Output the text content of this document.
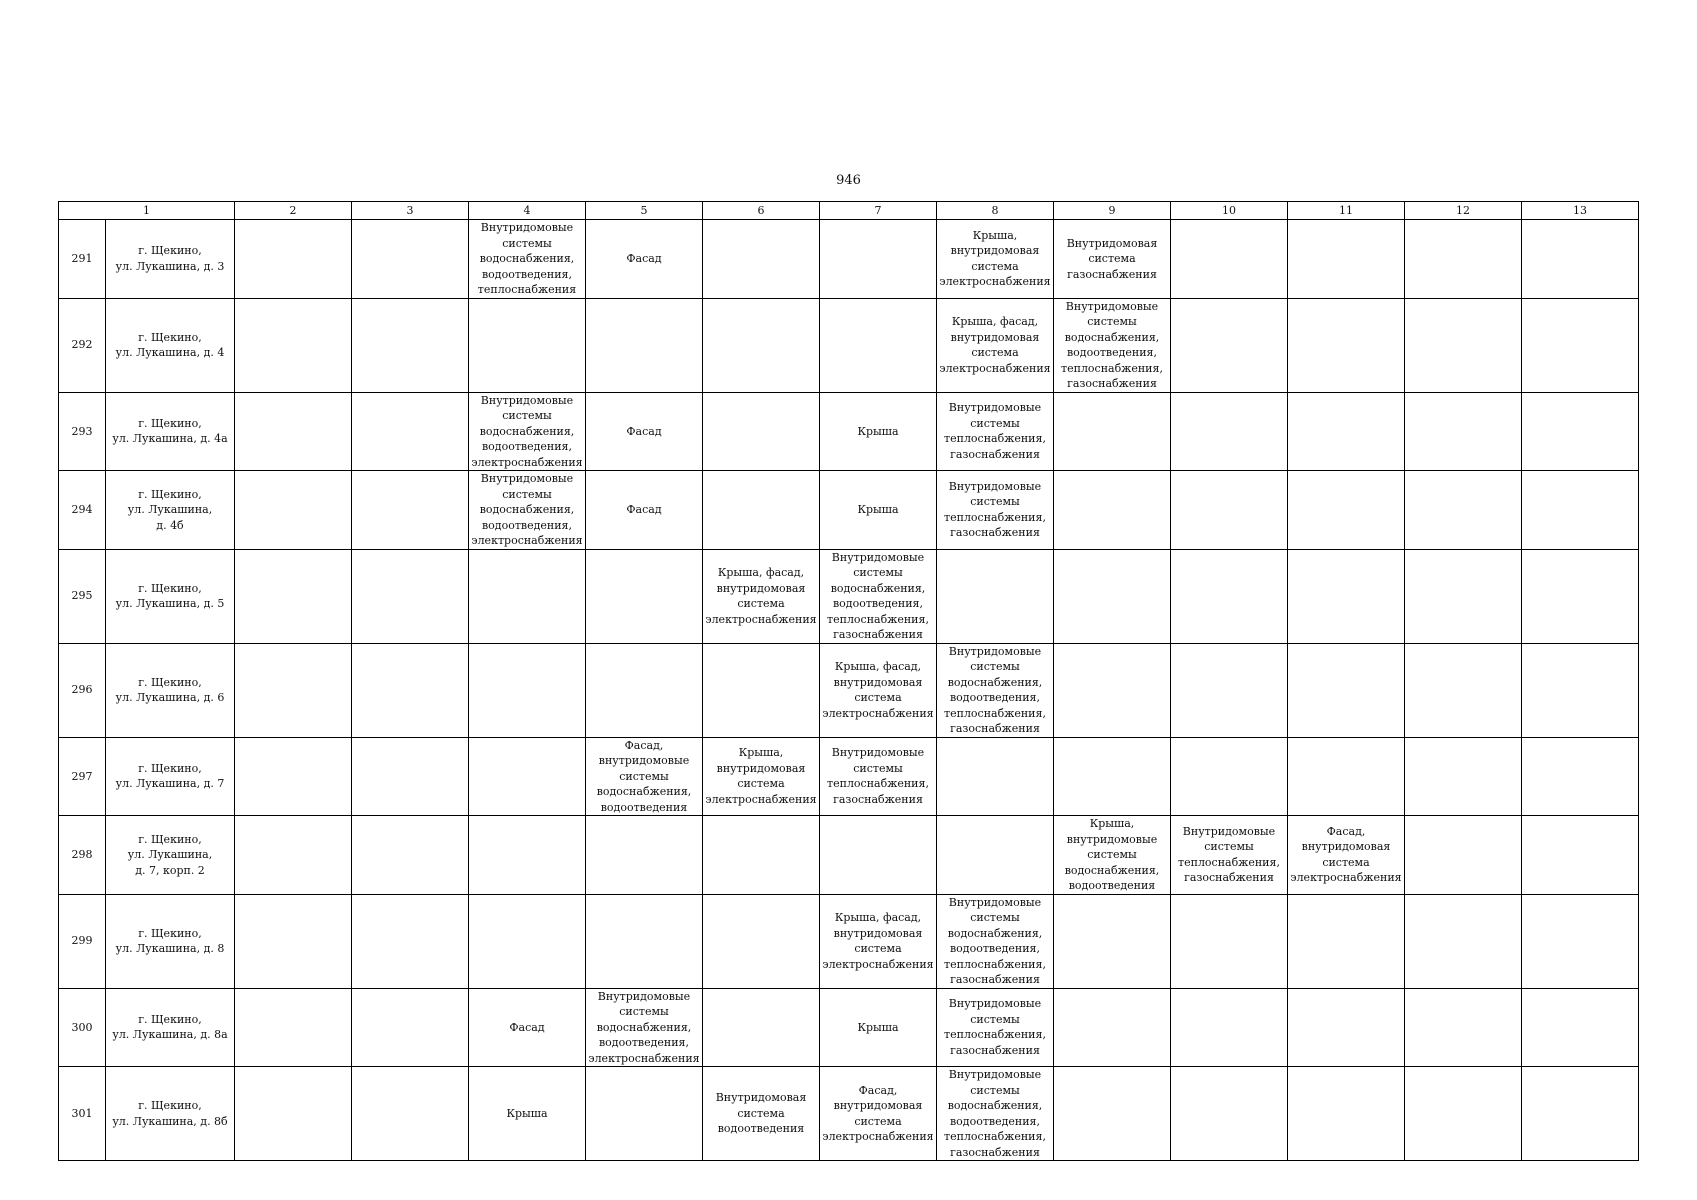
946
1		2	3	4	5	6	7	8	9	10	11	12	13
291	г. Щекино,
ул. Лукашина, д. 3			Внутридомовые системы водоснабжения, водоотведения, теплоснабжения	Фасад			Крыша, внутридомовая система электроснабжения	Внутридомовая система газоснабжения				
292	г. Щекино,
ул. Лукашина, д. 4							Крыша, фасад, внутридомовая система электроснабжения	Внутридомовые системы водоснабжения, водоотведения, теплоснабжения, газоснабжения				
293	г. Щекино,
ул. Лукашина, д. 4а			Внутридомовые системы водоснабжения, водоотведения, электроснабжения	Фасад		Крыша	Внутридомовые системы теплоснабжения, газоснабжения					
294	г. Щекино,
ул. Лукашина,
д. 4б			Внутридомовые системы водоснабжения, водоотведения, электроснабжения	Фасад		Крыша	Внутридомовые системы теплоснабжения, газоснабжения					
295	г. Щекино,
ул. Лукашина, д. 5					Крыша, фасад, внутридомовая система электроснабжения	Внутридомовые системы водоснабжения, водоотведения, теплоснабжения, газоснабжения						
296	г. Щекино,
ул. Лукашина, д. 6						Крыша, фасад, внутридомовая система электроснабжения	Внутридомовые системы водоснабжения, водоотведения, теплоснабжения, газоснабжения					
297	г. Щекино,
ул. Лукашина, д. 7				Фасад, внутридомовые системы водоснабжения, водоотведения	Крыша, внутридомовая система электроснабжения	Внутридомовые системы теплоснабжения, газоснабжения						
298	г. Щекино,
ул. Лукашина,
д. 7, корп. 2								Крыша, внутридомовые системы водоснабжения, водоотведения	Внутридомовые системы теплоснабжения, газоснабжения	Фасад, внутридомовая система электроснабжения		
299	г. Щекино,
ул. Лукашина, д. 8						Крыша, фасад, внутридомовая система электроснабжения	Внутридомовые системы водоснабжения, водоотведения, теплоснабжения, газоснабжения					
300	г. Щекино,
ул. Лукашина, д. 8а			Фасад	Внутридомовые системы водоснабжения, водоотведения, электроснабжения		Крыша	Внутридомовые системы теплоснабжения, газоснабжения					
301	г. Щекино,
ул. Лукашина, д. 8б			Крыша		Внутридомовая система водоотведения	Фасад, внутридомовая система электроснабжения	Внутридомовые системы водоснабжения, водоотведения, теплоснабжения, газоснабжения					
